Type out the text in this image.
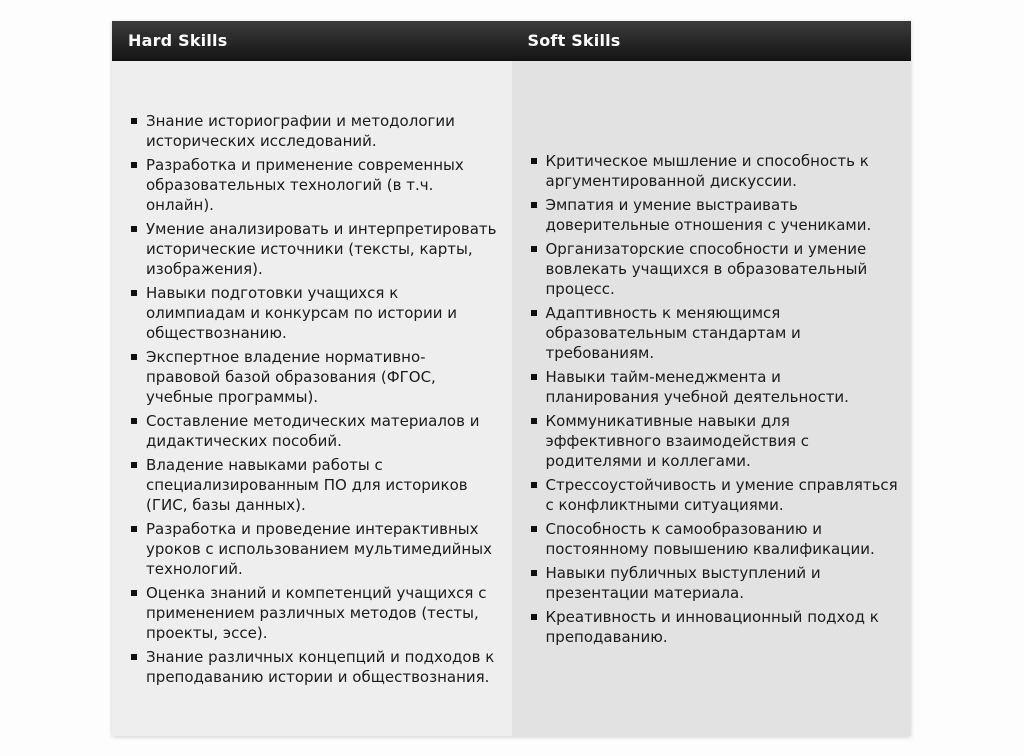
Hard Skills	Soft Skills
Знание историографии и методологии исторических исследований.
Разработка и применение современных образовательных технологий (в т.ч. онлайн).
Умение анализировать и интерпретировать исторические источники (тексты, карты, изображения).
Навыки подготовки учащихся к олимпиадам и конкурсам по истории и обществознанию.
Экспертное владение нормативно-правовой базой образования (ФГОС, учебные программы).
Составление методических материалов и дидактических пособий.
Владение навыками работы с специализированным ПО для историков (ГИС, базы данных).
Разработка и проведение интерактивных уроков с использованием мультимедийных технологий.
Оценка знаний и компетенций учащихся с применением различных методов (тесты, проекты, эссе).
Знание различных концепций и подходов к преподаванию истории и обществознания.
Критическое мышление и способность к аргументированной дискуссии.
Эмпатия и умение выстраивать доверительные отношения с учениками.
Организаторские способности и умение вовлекать учащихся в образовательный процесс.
Адаптивность к меняющимся образовательным стандартам и требованиям.
Навыки тайм-менеджмента и планирования учебной деятельности.
Коммуникативные навыки для эффективного взаимодействия с родителями и коллегами.
Стрессоустойчивость и умение справляться с конфликтными ситуациями.
Способность к самообразованию и постоянному повышению квалификации.
Навыки публичных выступлений и презентации материала.
Креативность и инновационный подход к преподаванию.
